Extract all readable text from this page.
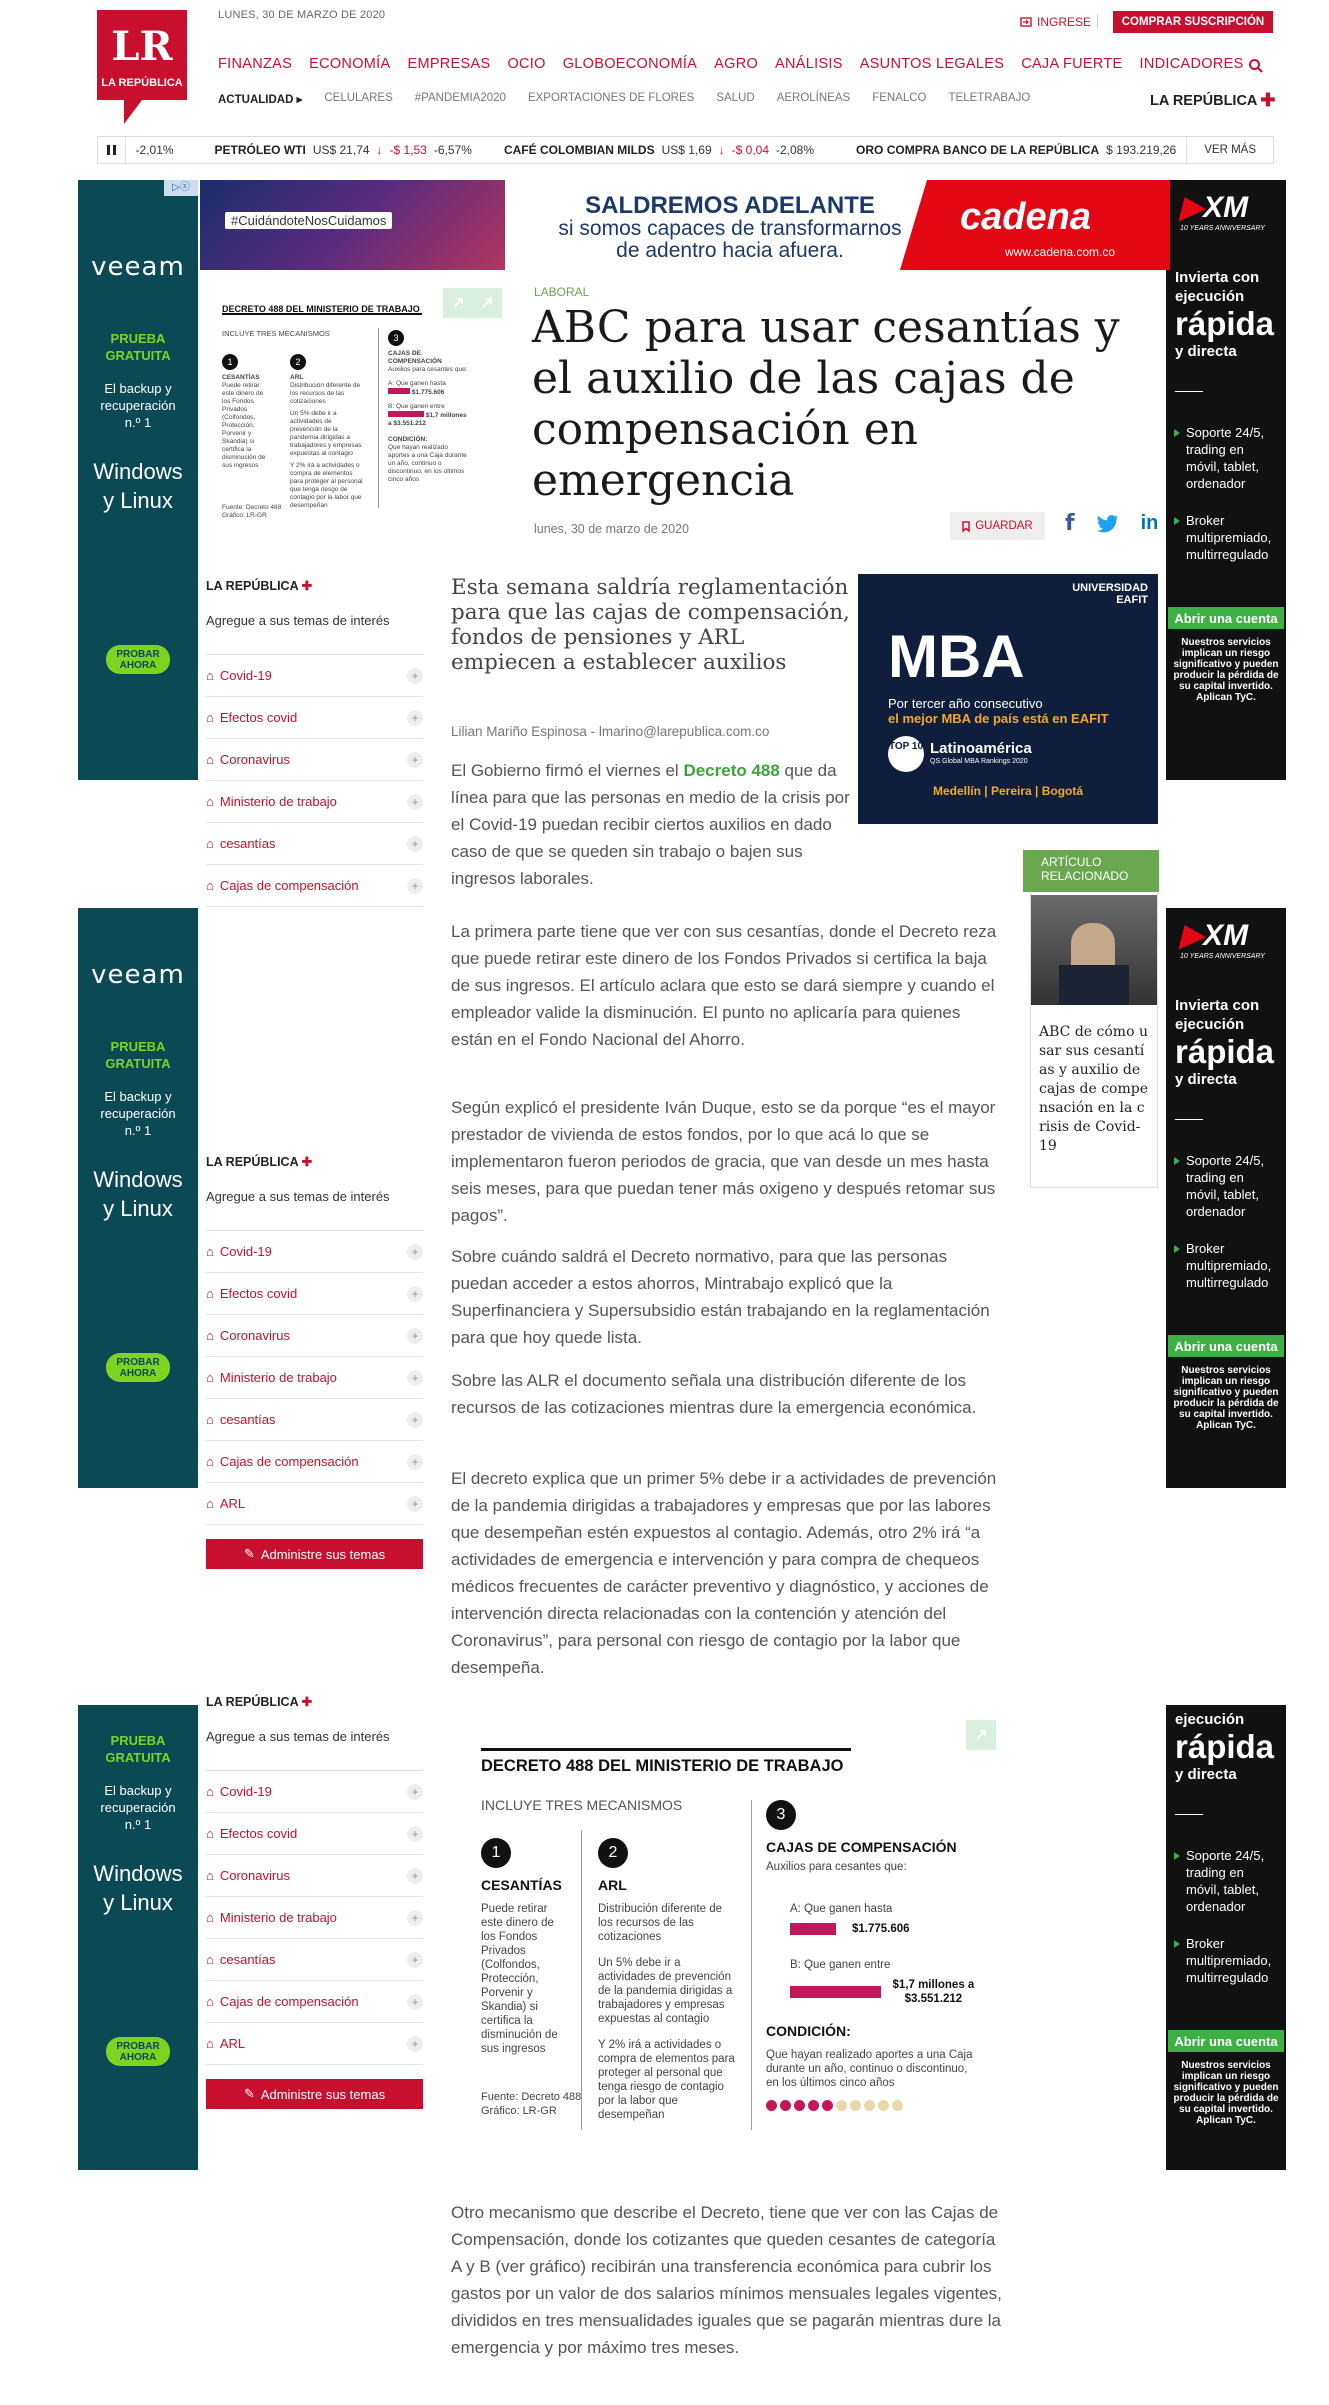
LR
LA REPÚBLICA
LUNES, 30 DE MARZO DE 2020	INGRESE	COMPRAR SUSCRIPCIÓN
FINANZAS ECONOMÍA EMPRESAS OCIO GLOBOECONOMÍA AGRO ANÁLISIS ASUNTOS LEGALES CAJA FUERTE INDICADORES
ACTUALIDAD ▸ CELULARES #PANDEMIA2020 EXPORTACIONES DE FLORES SALUD AEROLÍNEAS FENALCO TELETRABAJO	LA REPÚBLICA ✚
-2,01%	PETRÓLEO WTI US$ 21,74 ↓ -$ 1,53 -6,57%	CAFÉ COLOMBIAN MILDS US$ 1,69 ↓ -$ 0,04 -2,08%	ORO COMPRA BANCO DE LA REPÚBLICA $ 193.219,26	VER MÁS
▷ⓧ
veeam
PRUEBA GRATUITA
El backup y recuperación n.º 1
Windows y Linux
PROBAR AHORA
veeam
PRUEBA GRATUITA
El backup y recuperación n.º 1
Windows y Linux
PROBAR AHORA
PRUEBA GRATUITA
El backup y recuperación n.º 1
Windows y Linux
PROBAR AHORA
▶XM
10 YEARS ANNIVERSARY
Invierta con ejecución
rápida
y directa
Soporte 24/5, trading en móvil, tablet, ordenador
Broker multipremiado, multirregulado
Abrir una cuenta
Nuestros servicios implican un riesgo significativo y pueden producir la pérdida de su capital invertido. Aplican TyC.
▶XM
10 YEARS ANNIVERSARY
Invierta con ejecución
rápida
y directa
Soporte 24/5, trading en móvil, tablet, ordenador
Broker multipremiado, multirregulado
Abrir una cuenta
Nuestros servicios implican un riesgo significativo y pueden producir la pérdida de su capital invertido. Aplican TyC.
Invierta con ejecución
rápida
y directa
Soporte 24/5, trading en móvil, tablet, ordenador
Broker multipremiado, multirregulado
Abrir una cuenta
Nuestros servicios implican un riesgo significativo y pueden producir la pérdida de su capital invertido. Aplican TyC.
#CuidándoteNosCuidamos
SALDREMOS ADELANTE
si somos capaces de transformarnos
de adentro hacia afuera.
cadena
www.cadena.com.co
DECRETO 488 DEL MINISTERIO DE TRABAJO
INCLUYE TRES MECANISMOS
1
CESANTÍAS
Puede retirar este dinero de los Fondos Privados (Colfondos, Protección, Porvenir y Skandia) si certifica la disminución de sus ingresos
2
ARL
Distribución diferente de los recursos de las cotizaciones
Un 5% debe ir a actividades de prevención de la pandemia dirigidas a trabajadores y empresas expuestas al contagio
Y 2% irá a actividades o compra de elementos para proteger al personal que tenga riesgo de contagio por la labor que desempeñan
3
CAJAS DE COMPENSACIÓN
Auxilios para cesantes que:
A: Que ganen hasta
$1.775.606
B: Que ganen entre
$1,7 millones a $3.551.212
CONDICIÓN:
Que hayan realizado aportes a una Caja durante un año, continuo o discontinuo, en los últimos cinco años
Fuente: Decreto 488
Gráfico: LR-GR
LABORAL
ABC para usar cesantías y el auxilio de las cajas de compensación en emergencia
lunes, 30 de marzo de 2020	GUARDAR f	in
LA REPÚBLICA ✚
Agregue a sus temas de interés
⌂ Covid-19	+
⌂ Efectos covid	+
⌂ Coronavirus	+
⌂ Ministerio de trabajo	+
⌂ cesantías	+
⌂ Cajas de compensación	+
LA REPÚBLICA ✚
Agregue a sus temas de interés
⌂ Covid-19	+
⌂ Efectos covid	+
⌂ Coronavirus	+
⌂ Ministerio de trabajo	+
⌂ cesantías	+
⌂ Cajas de compensación	+
⌂ ARL	+
✎ Administre sus temas
LA REPÚBLICA ✚
Agregue a sus temas de interés
⌂ Covid-19	+
⌂ Efectos covid	+
⌂ Coronavirus	+
⌂ Ministerio de trabajo	+
⌂ cesantías	+
⌂ Cajas de compensación	+
⌂ ARL	+
✎ Administre sus temas
Esta semana saldría reglamentación para que las cajas de compensación, fondos de pensiones y ARL empiecen a establecer auxilios
Lilian Mariño Espinosa - lmarino@larepublica.com.co
UNIVERSIDAD EAFIT
MBA
Por tercer año consecutivo
el mejor MBA de país está en EAFIT
TOP 10 Latinoamérica
QS Global MBA Rankings 2020
Medellín | Pereira | Bogotá
El Gobierno firmó el viernes el Decreto 488 que da línea para que las personas en medio de la crisis por el Covid-19 puedan recibir ciertos auxilios en dado caso de que se queden sin trabajo o bajen sus ingresos laborales.
La primera parte tiene que ver con sus cesantías, donde el Decreto reza que puede retirar este dinero de los Fondos Privados si certifica la baja de sus ingresos. El artículo aclara que esto se dará siempre y cuando el empleador valide la disminución. El punto no aplicaría para quienes están en el Fondo Nacional del Ahorro.
Según explicó el presidente Iván Duque, esto se da porque “es el mayor prestador de vivienda de estos fondos, por lo que acá lo que se implementaron fueron periodos de gracia, que van desde un mes hasta seis meses, para que puedan tener más oxigeno y después retomar sus pagos”.
Sobre cuándo saldrá el Decreto normativo, para que las personas puedan acceder a estos ahorros, Mintrabajo explicó que la Superfinanciera y Supersubsidio están trabajando en la reglamentación para que hoy quede lista.
Sobre las ALR el documento señala una distribución diferente de los recursos de las cotizaciones mientras dure la emergencia económica.
El decreto explica que un primer 5% debe ir a actividades de prevención de la pandemia dirigidas a trabajadores y empresas que por las labores que desempeñan estén expuestos al contagio. Además, otro 2% irá “a actividades de emergencia e intervención y para compra de chequeos médicos frecuentes de carácter preventivo y diagnóstico, y acciones de intervención directa relacionadas con la contención y atención del Coronavirus”, para personal con riesgo de contagio por la labor que desempeña.
ARTÍCULO RELACIONADO
ABC de cómo usar sus cesantías y auxilio de cajas de compensación en la crisis de Covid-19
DECRETO 488 DEL MINISTERIO DE TRABAJO
INCLUYE TRES MECANISMOS
1
CESANTÍAS
Puede retirar este dinero de los Fondos Privados (Colfondos, Protección, Porvenir y Skandia) si certifica la disminución de sus ingresos
2
ARL
Distribución diferente de los recursos de las cotizaciones
Un 5% debe ir a actividades de prevención de la pandemia dirigidas a trabajadores y empresas expuestas al contagio
Y 2% irá a actividades o compra de elementos para proteger al personal que tenga riesgo de contagio por la labor que desempeñan
3
CAJAS DE COMPENSACIÓN
Auxilios para cesantes que:
A: Que ganen hasta
$1.775.606
B: Que ganen entre
$1,7 millones a $3.551.212
CONDICIÓN:
Que hayan realizado aportes a una Caja durante un año, continuo o discontinuo, en los últimos cinco años
Fuente: Decreto 488
Gráfico: LR-GR
Otro mecanismo que describe el Decreto, tiene que ver con las Cajas de Compensación, donde los cotizantes que queden cesantes de categoría A y B (ver gráfico) recibirán una transferencia económica para cubrir los gastos por un valor de dos salarios mínimos mensuales legales vigentes, divididos en tres mensualidades iguales que se pagarán mientras dure la emergencia y por máximo tres meses.
